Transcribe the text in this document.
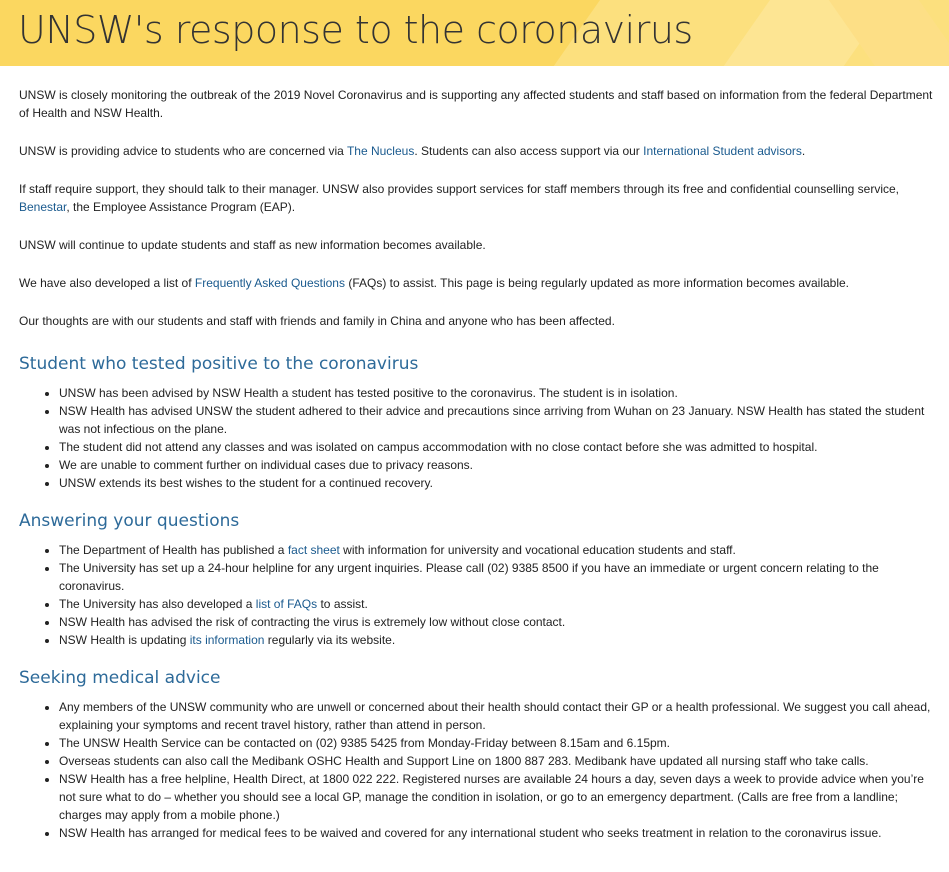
UNSW's response to the coronavirus

UNSW is closely monitoring the outbreak of the 2019 Novel Coronavirus and is supporting any affected students and staff based on information from the federal Department of Health and NSW Health.

UNSW is providing advice to students who are concerned via The Nucleus. Students can also access support via our International Student advisors.

If staff require support, they should talk to their manager. UNSW also provides support services for staff members through its free and confidential counselling service, Benestar, the Employee Assistance Program (EAP).

UNSW will continue to update students and staff as new information becomes available.

We have also developed a list of Frequently Asked Questions (FAQs) to assist. This page is being regularly updated as more information becomes available.

Our thoughts are with our students and staff with friends and family in China and anyone who has been affected.

Student who tested positive to the coronavirus
• UNSW has been advised by NSW Health a student has tested positive to the coronavirus. The student is in isolation.
• NSW Health has advised UNSW the student adhered to their advice and precautions since arriving from Wuhan on 23 January. NSW Health has stated the student was not infectious on the plane.
• The student did not attend any classes and was isolated on campus accommodation with no close contact before she was admitted to hospital.
• We are unable to comment further on individual cases due to privacy reasons.
• UNSW extends its best wishes to the student for a continued recovery.
Answering your questions
• The Department of Health has published a fact sheet with information for university and vocational education students and staff.
• The University has set up a 24-hour helpline for any urgent inquiries. Please call (02) 9385 8500 if you have an immediate or urgent concern relating to the coronavirus.
• The University has also developed a list of FAQs to assist.
• NSW Health has advised the risk of contracting the virus is extremely low without close contact.
• NSW Health is updating its information regularly via its website.
Seeking medical advice
• Any members of the UNSW community who are unwell or concerned about their health should contact their GP or a health professional. We suggest you call ahead, explaining your symptoms and recent travel history, rather than attend in person.
• The UNSW Health Service can be contacted on (02) 9385 5425 from Monday-Friday between 8.15am and 6.15pm.
• Overseas students can also call the Medibank OSHC Health and Support Line on 1800 887 283. Medibank have updated all nursing staff who take calls.
• NSW Health has a free helpline, Health Direct, at 1800 022 222. Registered nurses are available 24 hours a day, seven days a week to provide advice when you’re not sure what to do – whether you should see a local GP, manage the condition in isolation, or go to an emergency department. (Calls are free from a landline; charges may apply from a mobile phone.)
• NSW Health has arranged for medical fees to be waived and covered for any international student who seeks treatment in relation to the coronavirus issue.
